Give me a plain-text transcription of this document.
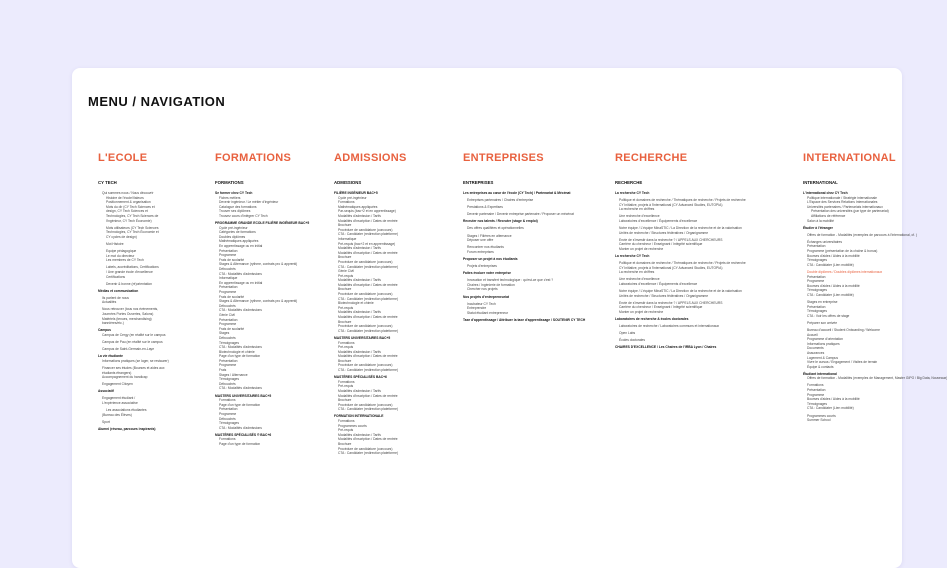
MENU / NAVIGATION
L'ECOLE
CY TECH
Qui sommes nous / Nous découvrir
Histoire de l'école/Valeurs
Positionnement & organisation
Mots du dir (CY Tech Sciences et
design, CY Tech Sciences et
Technologies, CY Tech Sciences de
l'ingénieur, CY Tech Économie)
Mots utilisateurs (CY Tech Sciences
Technologies, CY Tech Économie et
CY cycles de design)
Mot Histoire
Equipe pédagogique
Le mot du directeur
Les membres de CY Tech
Labels, accréditations, Certifications
/ Une grande école d'excellence
Certifications
Devenir & bonne (ré)orientation
Médias et communication
Ils parlent de nous
Actualités
Nous retrouver (tous nos événements,
Journées Portes Ouvertes, Salons)
Matériels (tenues, merchandising)
bannières/etc.)
Campus
Campus de Cergy (en réalité sur le campus
Campus de Pau (en réalité sur le campus
Campus de Saint-Germain-en-Laye
La vie étudiante
Informations pratiques (se loger, se restaurer)
Financer ses études (Bourses et aides aux
étudiants étrangers)
Accompagnement du handicap
Engagement Citoyen
Associatif
Engagement étudiant /
L'expérience associative
Les associations étudiantes
(Bureau des Élèves)
Sport
Alumni (réseau, parcours inspirants)
FORMATIONS
FORMATIONS
Se former chez CY Tech
Fiches métiers
Devenir ingénieur / Le métier d'ingénieur
Catalogue des formations
Trouver ses diplômes
Trouvez cours d'intégrer CY Tech
PROGRAMME GRANDE ECOLE FILIÈRE INGÉNIEUR BAC+5
Cycle pré-ingénieur
Catégories de formations
Doubles diplômes
Mathématiques appliquées
En apprentissage ou en initial
Présentation
Programme
Frais de scolarité
Stages & Alternance (rythme, contrats pro & apprenti)
Débouchés
CTA : Modalités d'admissions
Informatique
En apprentissage ou en initial
Présentation
Programme
Frais de scolarité
Stages & Alternance (rythme, contrats pro & apprenti)
Débouchés
CTA : Modalités d'admissions
Génie Civil
Présentation
Programme
Frais de scolarité
Stages
Débouchés
Témoignages
CTA : Modalités d'admissions
Biotechnologie et chimie
Page d'un type de formation
Présentation
Programme
Frais
Stages / Alternance
Témoignages
Débouchés
CTA : Modalités d'admissions
MASTERS UNIVERSITAIRES BAC+5
Formations
Page d'un type de formation
Présentation
Programme
Débouchés
Témoignages
CTA : Modalités d'admissions
MASTÈRES SPÉCIALISÉS ® BAC+6
Formations
Page d'un type de formation
ADMISSIONS
ADMISSIONS
FILIÈRE INGÉNIEUR BAC+5
Cycle pré-ingénieur
Formations
Mathématiques appliquées
Par-sequis (bac+2 et en apprentissage)
Modalités d'admission / Tarifs
Modalités d'inscription / Dates de rentrée
Brochure
Procédure de candidature (concours)
CTA : Candidater (redirection plateforme)
Informatique
Pré-requis (bac+2 et en apprentissage)
Modalités d'admission / Tarifs
Modalités d'inscription / Dates de rentrée
Brochure
Procédure de candidature (concours)
CTA : Candidater (redirection plateforme)
Génie Civil
Pré-requis
Modalités d'admission / Tarifs
Modalités d'inscription / Dates de rentrée
Brochure
Procédure de candidature (concours)
CTA : Candidater (redirection plateforme)
Biotechnologie et chimie
Pré-requis
Modalités d'admission / Tarifs
Modalités d'inscription / Dates de rentrée
Brochure
Procédure de candidature (concours)
CTA : Candidater (redirection plateforme)
MASTERS UNIVERSITAIRES BAC+5
Formations
Pré-requis
Modalités d'admission / Tarifs
Modalités d'inscription / Dates de rentrée
Brochure
Procédure de candidature (concours)
CTA : Candidater (redirection plateforme)
MASTÈRES SPÉCIALISÉS BAC+6
Formations
Pré-requis
Modalités d'admission / Tarifs
Modalités d'inscription / Dates de rentrée
Brochure
Procédure de candidature (concours)
CTA : Candidater (redirection plateforme)
FORMATION INTERNATIONALE
Formations
Programmes courts
Pré-requis
Modalités d'admission / Tarifs
Modalités d'inscription / Dates de rentrée
Brochure
Procédure de candidature (concours)
CTA : Candidater (redirection plateforme)
ENTREPRISES
ENTREPRISES
Les entreprises au cœur de l'école (CY Tech) / Partenariat & Mécénat
Entreprises partenaires / Chaires d'entreprise
Prestations & Expertises
Devenir partenaire / Devenir entreprise partenaire / Proposer un mécénat
Recruter nos talents / Recruter (stage & emploi)
Des offres qualifiées et opérationnelles
Stages / Filières en alternance
Déposer une offre
Rencontrer nos étudiants
Forum entreprises
Proposer un projet à nos étudiants
Projets d'entreprises
Faites évoluer votre entreprise
Innovation et transfert technologique : qu'est-ce que c'est ?
Chaires / Ingénierie de formation
Chercher nos projets
Nos projets d'entrepreneuriat
Incubateur CY Tech
Entreprendre
Statut étudiant entrepreneur
Taxe d'apprentissage / Attribuer la taxe d'apprentissage / SOUTENIR CY TECH
RECHERCHE
RECHERCHE
La recherche CY Tech
Politique et domaines de recherche / Thématiques de recherche / Projets de recherche
CY Initiative, projets à l'international (CY Advanced Studies, EUTOPIA)
La recherche en chiffres
Une recherche d'excellence
Laboratoires d'excellence / Équipements d'excellence
Notre équipe / L'équipe MinaSTIC / La Direction de la recherche et de la valorisation
Unités de recherche / Structures fédératives / Organigramme
Envie de s'investir dans la recherche ? / APPELS AUX CHERCHEURS
Carrière du chercheur / Enseignant / Intégrité scientifique
Monter un projet de recherche
La recherche CY Tech
Politique et domaines de recherche / Thématiques de recherche / Projets de recherche
CY Initiative, projets à l'international (CY Advanced Studies, EUTOPIA)
La recherche en chiffres
Une recherche d'excellence
Laboratoires d'excellence / Équipements d'excellence
Notre équipe / L'équipe MinaSTIC / La Direction de la recherche et de la valorisation
Unités de recherche / Structures fédératives / Organigramme
Envie de s'investir dans la recherche ? / APPELS AUX CHERCHEURS
Carrière du chercheur / Enseignant / Intégrité scientifique
Monter un projet de recherche
Laboratoires de recherche & écoles doctorales
Laboratoires de recherche / Laboratoires communs et internationaux
Open Labs
Écoles doctorales
CHAIRES D'EXCELLENCE / Les Chaires de l'IRBA Lyon / Chaires
INTERNATIONAL
INTERNATIONAL
L'international chez CY Tech
Politique internationale / Stratégie internationale
L'Espace des Services Relations Internationales
Universités partenaires / Partenariats internationaux
Présentation des universités (par type de partenariat)
Affiliations de référence
Salon à la mobilité
Étudier à l'étranger
Offres de formation - Modalités (exemples de parcours à l'international, cf. )
Échanges universitaires
Présentation
Programme (présentation de la chaîne & bonus)
Bourses d'aides / Aides à la mobilité
Témoignages
CTA : Candidater (Lien mobilité)
Double diplômes / Doubles diplômes internationaux
Présentation
Programme
Bourses d'aides / Aides à la mobilité
Témoignages
CTA : Candidater (Lien mobilité)
Stages en entreprise
Présentation
Témoignages
CTA : Voir les offres de stage
Préparer son arrivée
Bureau d'accueil / Student Onboarding / Welcome
Accueil
Programme d'orientation
Informations pratiques
Documents
Assurances
Logement & Campus
Vivre le cursus / Engagement / Visites de terrain
Équipe & contacts
Étudiant international
Offres de formation - Modalités (exemples de Management, Master GIPO / Big Data, Nouveaux)
Formations
Présentation
Programme
Bourses d'aides / Aides à la mobilité
Témoignages
CTA : Candidater (Lien mobilité)
Programmes courts
Summer School
